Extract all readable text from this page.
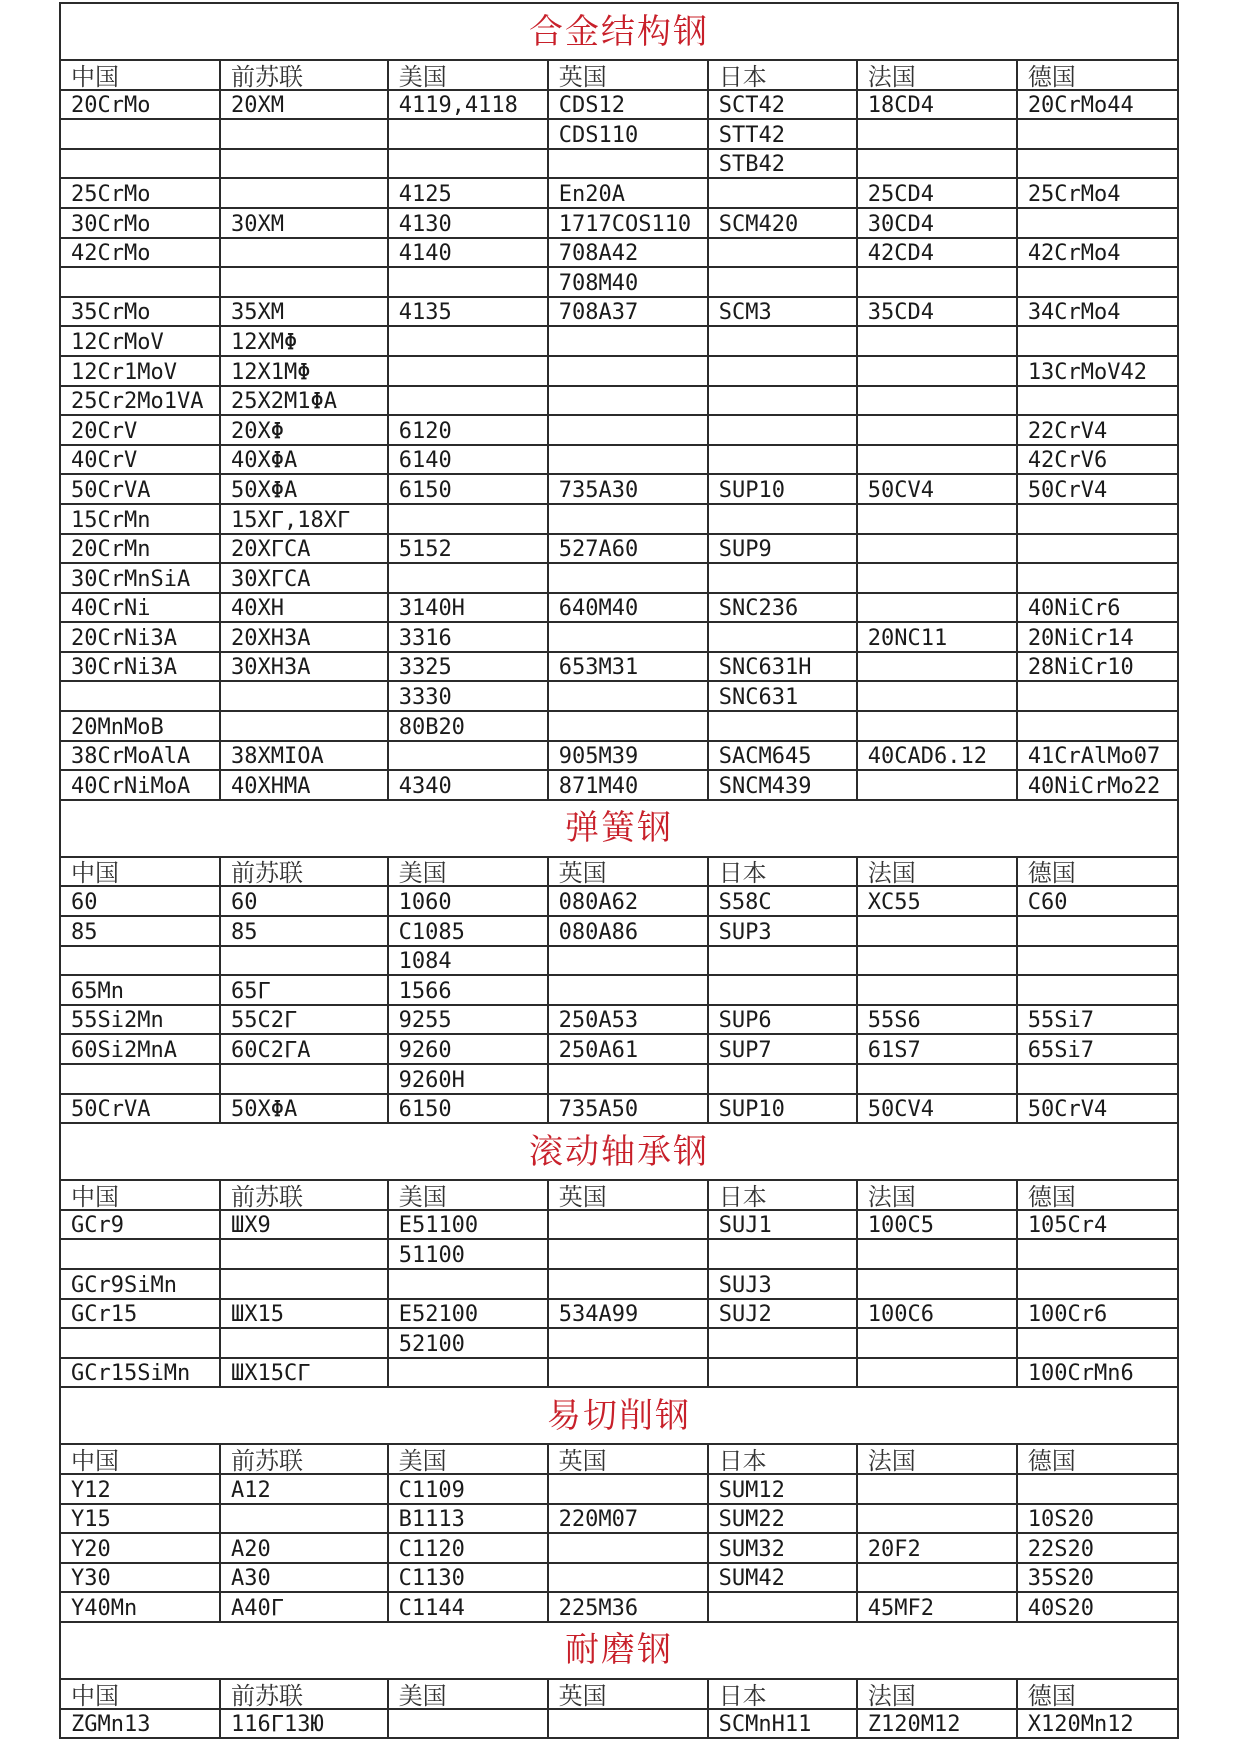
合金结构钢						
中国	前苏联	美国	英国	日本	法国	德国
20CrMo	20XM	4119,4118	CDS12	SCT42	18CD4	20CrMo44
			CDS110	STT42		
				STB42		
25CrMo		4125	En20A		25CD4	25CrMo4
30CrMo	30XM	4130	1717COS110	SCM420	30CD4	
42CrMo		4140	708A42		42CD4	42CrMo4
			708M40			
35CrMo	35XM	4135	708A37	SCM3	35CD4	34CrMo4
12CrMoV	12XMΦ					
12Cr1MoV	12X1MΦ					13CrMoV42
25Cr2Mo1VA	25X2M1ΦA					
20CrV	20XΦ	6120				22CrV4
40CrV	40XΦA	6140				42CrV6
50CrVA	50XΦA	6150	735A30	SUP10	50CV4	50CrV4
15CrMn	15XΓ,18XΓ					
20CrMn	20XΓCA	5152	527A60	SUP9		
30CrMnSiA	30XΓCA					
40CrNi	40XH	3140H	640M40	SNC236		40NiCr6
20CrNi3A	20XH3A	3316			20NC11	20NiCr14
30CrNi3A	30XH3A	3325	653M31	SNC631H		28NiCr10
		3330		SNC631		
20MnMoB		80B20				
38CrMoAlA	38XMIOA		905M39	SACM645	40CAD6.12	41CrAlMo07
40CrNiMoA	40XHMA	4340	871M40	SNCM439		40NiCrMo22
弹簧钢						
中国	前苏联	美国	英国	日本	法国	德国
60	60	1060	080A62	S58C	XC55	C60
85	85	C1085	080A86	SUP3		
		1084				
65Mn	65Γ	1566				
55Si2Mn	55C2Γ	9255	250A53	SUP6	55S6	55Si7
60Si2MnA	60C2ΓA	9260	250A61	SUP7	61S7	65Si7
		9260H				
50CrVA	50XΦA	6150	735A50	SUP10	50CV4	50CrV4
滚动轴承钢						
中国	前苏联	美国	英国	日本	法国	德国
GCr9	ШX9	E51100		SUJ1	100C5	105Cr4
		51100				
GCr9SiMn				SUJ3		
GCr15	ШX15	E52100	534A99	SUJ2	100C6	100Cr6
		52100				
GCr15SiMn	ШX15CΓ					100CrMn6
易切削钢						
中国	前苏联	美国	英国	日本	法国	德国
Y12	A12	C1109		SUM12		
Y15		B1113	220M07	SUM22		10S20
Y20	A20	C1120		SUM32	20F2	22S20
Y30	A30	C1130		SUM42		35S20
Y40Mn	A40Γ	C1144	225M36		45MF2	40S20
耐磨钢						
中国	前苏联	美国	英国	日本	法国	德国
ZGMn13	116Γ13Ю			SCMnH11	Z120M12	X120Mn12
